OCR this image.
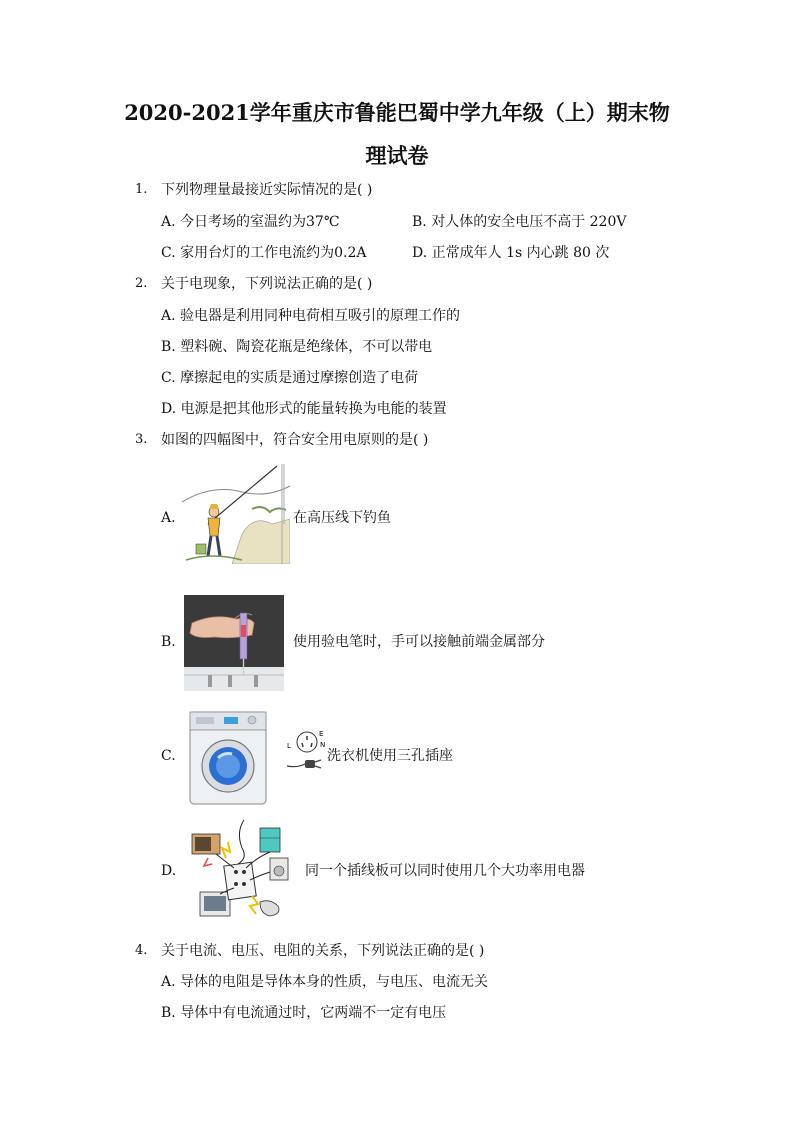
2020-2021学年重庆市鲁能巴蜀中学九年级（上）期末物
理试卷
1. 下列物理量最接近实际情况的是( )
A. 今日考场的室温约为37℃	B. 对人体的安全电压不高于 220V
C. 家用台灯的工作电流约为0.2A	D. 正常成年人 1s 内心跳 80 次
2. 关于电现象，下列说法正确的是( )
A. 验电器是利用同种电荷相互吸引的原理工作的
B. 塑料碗、陶瓷花瓶是绝缘体，不可以带电
C. 摩擦起电的实质是通过摩擦创造了电荷
D. 电源是把其他形式的能量转换为电能的装置
3. 如图的四幅图中，符合安全用电原则的是( )
A.	在高压线下钓鱼
B.	使用验电笔时，手可以接触前端金属部分
C.
L
E
N
洗衣机使用三孔插座
D.	同一个插线板可以同时使用几个大功率用电器
4. 关于电流、电压、电阻的关系，下列说法正确的是( )
A. 导体的电阻是导体本身的性质，与电压、电流无关
B. 导体中有电流通过时，它两端不一定有电压
